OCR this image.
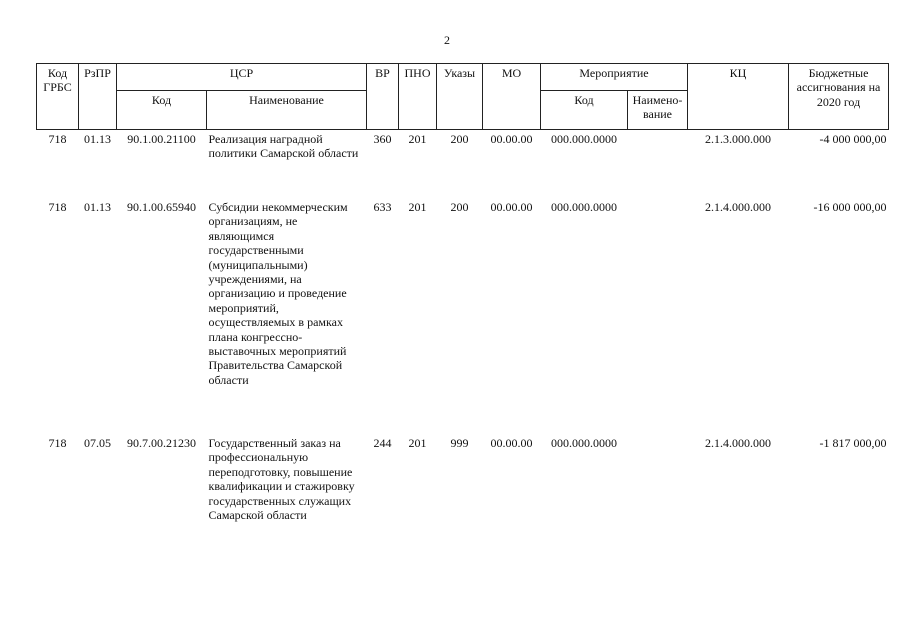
2
Код ГРБС	РзПР	ЦСР		ВР	ПНО	Указы	МО	Мероприятие		КЦ	Бюджетные ассигнования на 2020 год
		Код	Наименование					Код	Наимено-вание		
718	01.13	90.1.00.21100	Реализация наградной политики Самарской области	360	201	200	00.00.00	000.000.0000		2.1.3.000.000	-4 000 000,00
718	01.13	90.1.00.65940	Субсидии некоммерческим организациям, не являющимся государственными (муниципальными) учреждениями, на организацию и проведение мероприятий, осуществляемых в рамках плана конгрессно-выставочных мероприятий Правительства Самарской области	633	201	200	00.00.00	000.000.0000		2.1.4.000.000	-16 000 000,00
718	07.05	90.7.00.21230	Государственный заказ на профессиональную переподготовку, повышение квалификации и стажировку государственных служащих Самарской области	244	201	999	00.00.00	000.000.0000		2.1.4.000.000	-1 817 000,00
